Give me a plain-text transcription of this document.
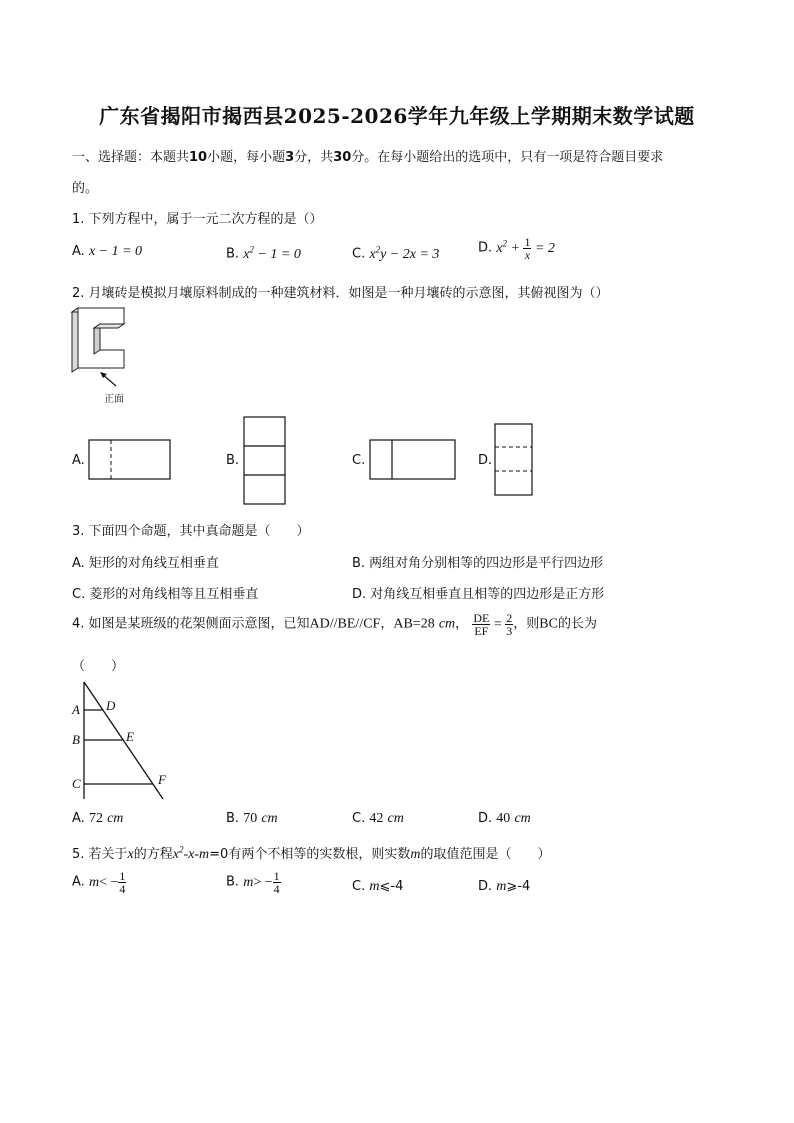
广东省揭阳市揭西县2025-2026学年九年级上学期期末数学试题
一、选择题：本题共10小题，每小题3分，共30分。在每小题给出的选项中，只有一项是符合题目要求
的。
1. 下列方程中，属于一元二次方程的是（）
A. x − 1 = 0	B. $x^2 - 1 = 0$	C. $x^2y - 2x = 3$	D. $x^2 + \frac{1}{x} = 2$
2. 月壤砖是模拟月壤原料制成的一种建筑材料．如图是一种月壤砖的示意图，其俯视图为（）
正面
A.	B.	C.	D.
3. 下面四个命题，其中真命题是（ ）
A. 矩形的对角线互相垂直	B. 两组对角分别相等的四边形是平行四边形
C. 菱形的对角线相等且互相垂直	D. 对角线互相垂直且相等的四边形是正方形
4. 如图是某班级的花架侧面示意图，已知AD//BE//CF，AB=28 cm， $\frac{DE}{EF} = \frac{2}{3}$ ，则BC的长为
（　　）
A D
B	E
C	F
A. 72 cm	B. 70 cm	C. 42 cm	D. 40 cm
5. 若关于x的方程$x^2-x-m=0$有两个不相等的实数根，则实数m的取值范围是（　　）
A. $m< - \frac{1}{4}$	B. $m> - \frac{1}{4}$	C. m⩽-4	D. m⩾-4
